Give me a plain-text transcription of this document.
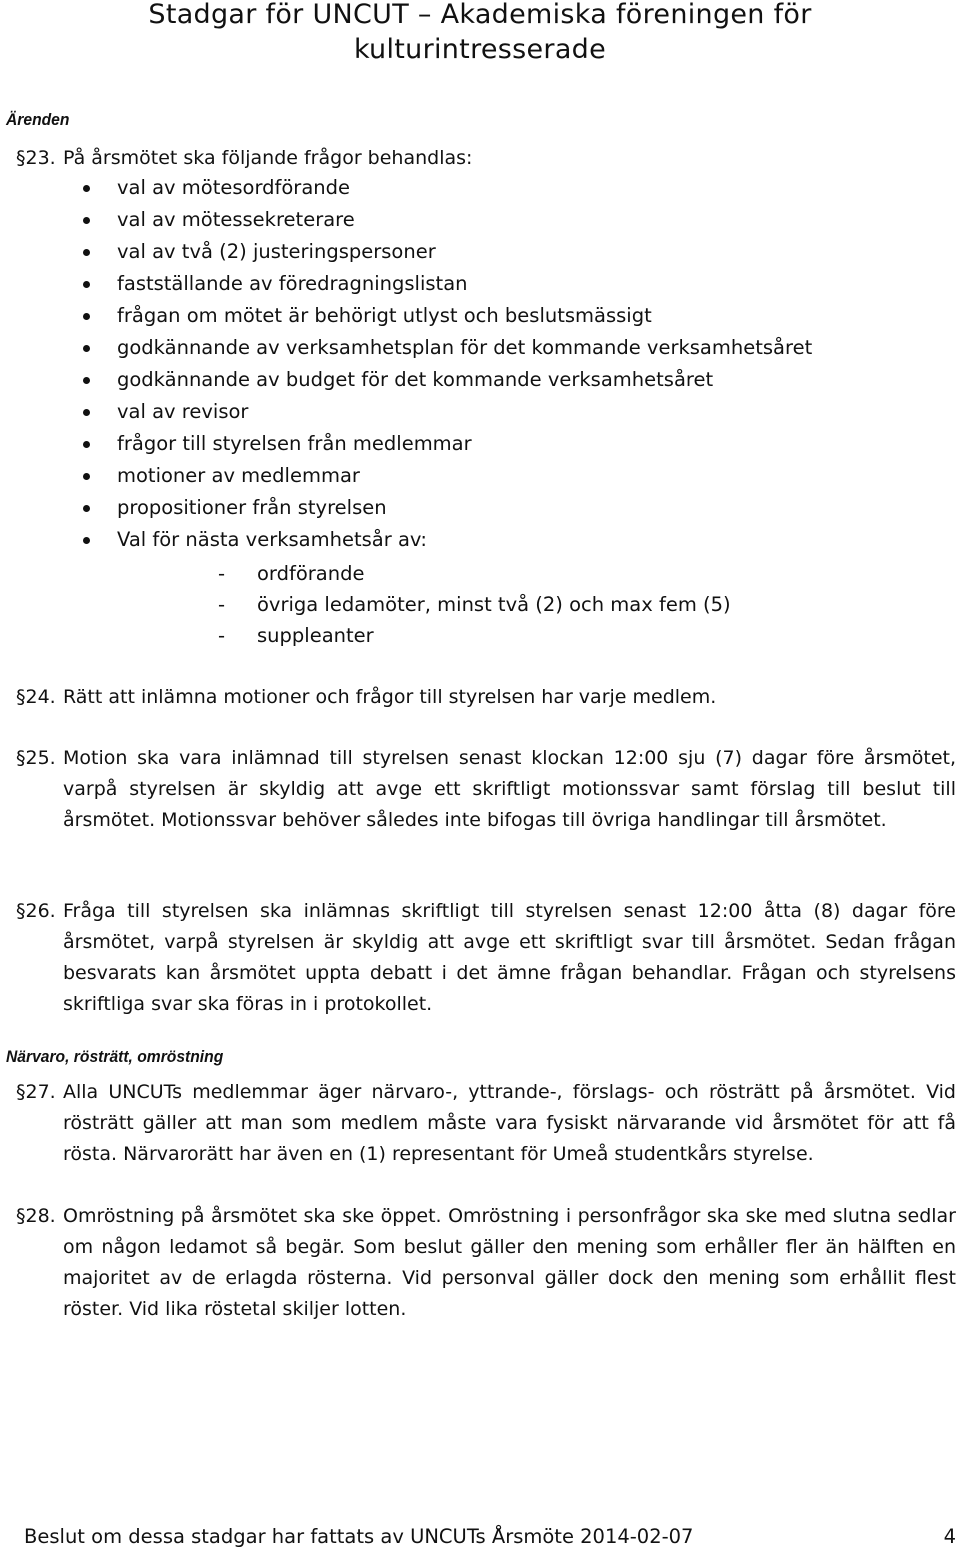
Stadgar för UNCUT – Akademiska föreningen för kulturintresserade
Ärenden
§23. På årsmötet ska följande frågor behandlas:
val av mötesordförande
val av mötessekreterare
val av två (2) justeringspersoner
fastställande av föredragningslistan
frågan om mötet är behörigt utlyst och beslutsmässigt
godkännande av verksamhetsplan för det kommande verksamhetsåret
godkännande av budget för det kommande verksamhetsåret
val av revisor
frågor till styrelsen från medlemmar
motioner av medlemmar
propositioner från styrelsen
Val för nästa verksamhetsår av:
- ordförande
- övriga ledamöter, minst två (2) och max fem (5)
- suppleanter
§24. Rätt att inlämna motioner och frågor till styrelsen har varje medlem.
§25. Motion ska vara inlämnad till styrelsen senast klockan 12:00 sju (7) dagar före årsmötet, varpå styrelsen är skyldig att avge ett skriftligt motionssvar samt förslag till beslut till årsmötet. Motionssvar behöver således inte bifogas till övriga handlingar till årsmötet.
§26. Fråga till styrelsen ska inlämnas skriftligt till styrelsen senast 12:00 åtta (8) dagar före årsmötet, varpå styrelsen är skyldig att avge ett skriftligt svar till årsmötet. Sedan frågan besvarats kan årsmötet uppta debatt i det ämne frågan behandlar. Frågan och styrelsens skriftliga svar ska föras in i protokollet.
Närvaro, rösträtt, omröstning
§27. Alla UNCUTs medlemmar äger närvaro-, yttrande-, förslags- och rösträtt på årsmötet. Vid rösträtt gäller att man som medlem måste vara fysiskt närvarande vid årsmötet för att få rösta. Närvarorätt har även en (1) representant för Umeå studentkårs styrelse.
§28. Omröstning på årsmötet ska ske öppet. Omröstning i personfrågor ska ske med slutna sedlar om någon ledamot så begär. Som beslut gäller den mening som erhåller fler än hälften en majoritet av de erlagda rösterna. Vid personval gäller dock den mening som erhållit flest röster. Vid lika röstetal skiljer lotten.
Beslut om dessa stadgar har fattats av UNCUTs Årsmöte 2014-02-07	4
